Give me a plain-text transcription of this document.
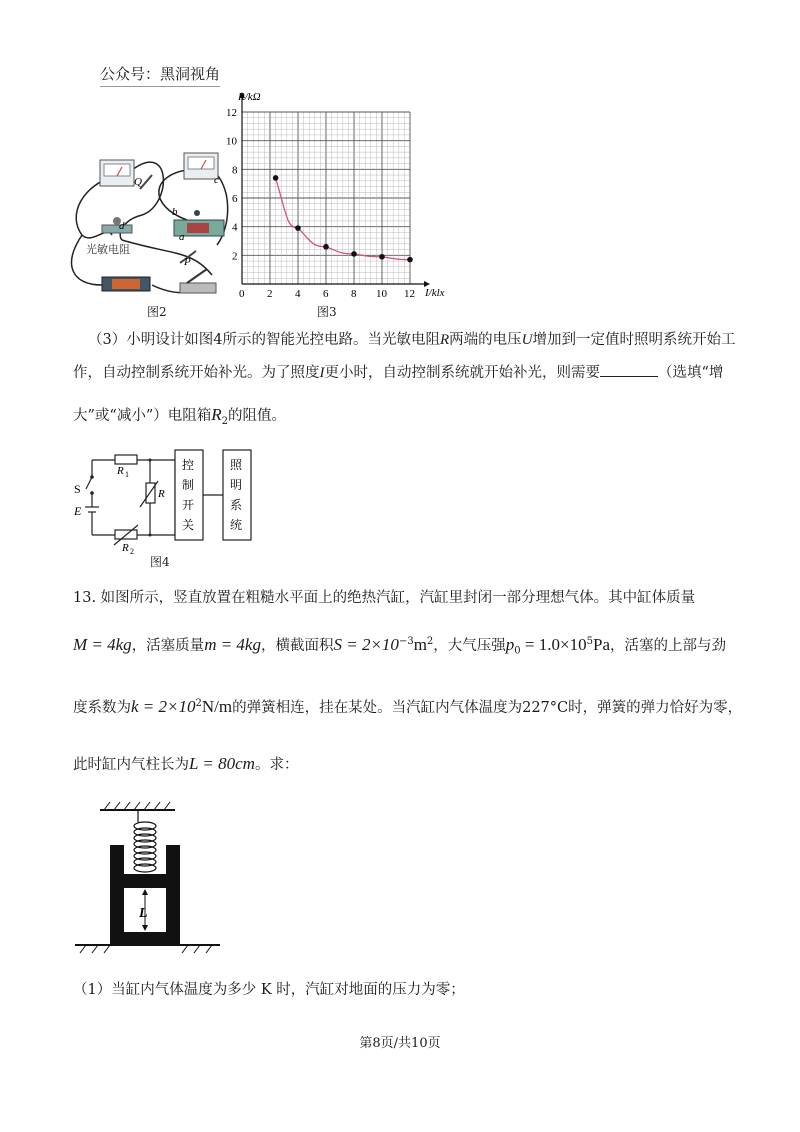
公众号：黑洞视角
Q	c
d
b
a
P
光敏电阻
图2
0 2 4 6 8 10 12
2
4
6
8
10
12
R/kΩ
I/klx
图3
（3）小明设计如图4所示的智能光控电路。当光敏电阻R两端的电压U增加到一定值时照明系统开始工
作，自动控制系统开始补光。为了照度I更小时，自动控制系统就开始补光，则需要	（选填“增
大”或“减小”）电阻箱$R_2$的阻值。
R 1
R
S
E
R 2
控
制
开
关
照
明
系
统
图4
13. 如图所示，竖直放置在粗糙水平面上的绝热汽缸，汽缸里封闭一部分理想气体。其中缸体质量
M = 4kg，活塞质量m = 4kg，横截面积$S = 2\times 10^{-3}m^2$，大气压强$p_0 = 1.0\times 10^5Pa$，活塞的上部与劲
度系数为$k = 2\times 10^2N/m$的弹簧相连，挂在某处。当汽缸内气体温度为227°C时，弹簧的弹力恰好为零，
此时缸内气柱长为L = 80cm。求：
L
（1）当缸内气体温度为多少 K 时，汽缸对地面的压力为零；
第8页/共10页
